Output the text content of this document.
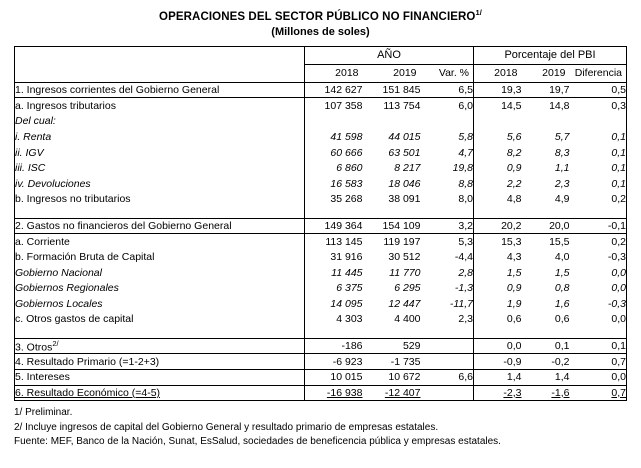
OPERACIONES DEL SECTOR PÚBLICO NO $FINANCIERO^{1/}$
(Millones de soles)
	AÑO			Porcentaje del PBI		
	2018	2019	Var. %	2018	2019	Diferencia
1. Ingresos corrientes del Gobierno General	142 627	151 845	6,5	19,3	19,7	0,5
a. Ingresos tributarios	107 358	113 754	6,0	14,5	14,8	0,3
Del cual:						
i. Renta	41 598	44 015	5,8	5,6	5,7	0,1
ii. IGV	60 666	63 501	4,7	8,2	8,3	0,1
iii. ISC	6 860	8 217	19,8	0,9	1,1	0,1
iv. Devoluciones	16 583	18 046	8,8	2,2	2,3	0,1
b. Ingresos no tributarios	35 268	38 091	8,0	4,8	4,9	0,2

2. Gastos no financieros del Gobierno General	149 364	154 109	3,2	20,2	20,0	-0,1
a. Corriente	113 145	119 197	5,3	15,3	15,5	0,2
b. Formación Bruta de Capital	31 916	30 512	-4,4	4,3	4,0	-0,3
Gobierno Nacional	11 445	11 770	2,8	1,5	1,5	0,0
Gobiernos Regionales	6 375	6 295	-1,3	0,9	0,8	0,0
Gobiernos Locales	14 095	12 447	-11,7	1,9	1,6	-0,3
c. Otros gastos de capital	4 303	4 400	2,3	0,6	0,6	0,0

3. Otros$^{2/}$	-186	529		0,0	0,1	0,1
4. Resultado Primario (=1-2+3)	-6 923	-1 735		-0,9	-0,2	0,7
5. Intereses	10 015	10 672	6,6	1,4	1,4	0,0
6. Resultado Económico (=4-5)	-16 938	-12 407		-2,3	-1,6	0,7
1/ Preliminar.
2/ Incluye ingresos de capital del Gobierno General y resultado primario de empresas estatales.
Fuente: MEF, Banco de la Nación, Sunat, EsSalud, sociedades de beneficencia pública y empresas estatales.
